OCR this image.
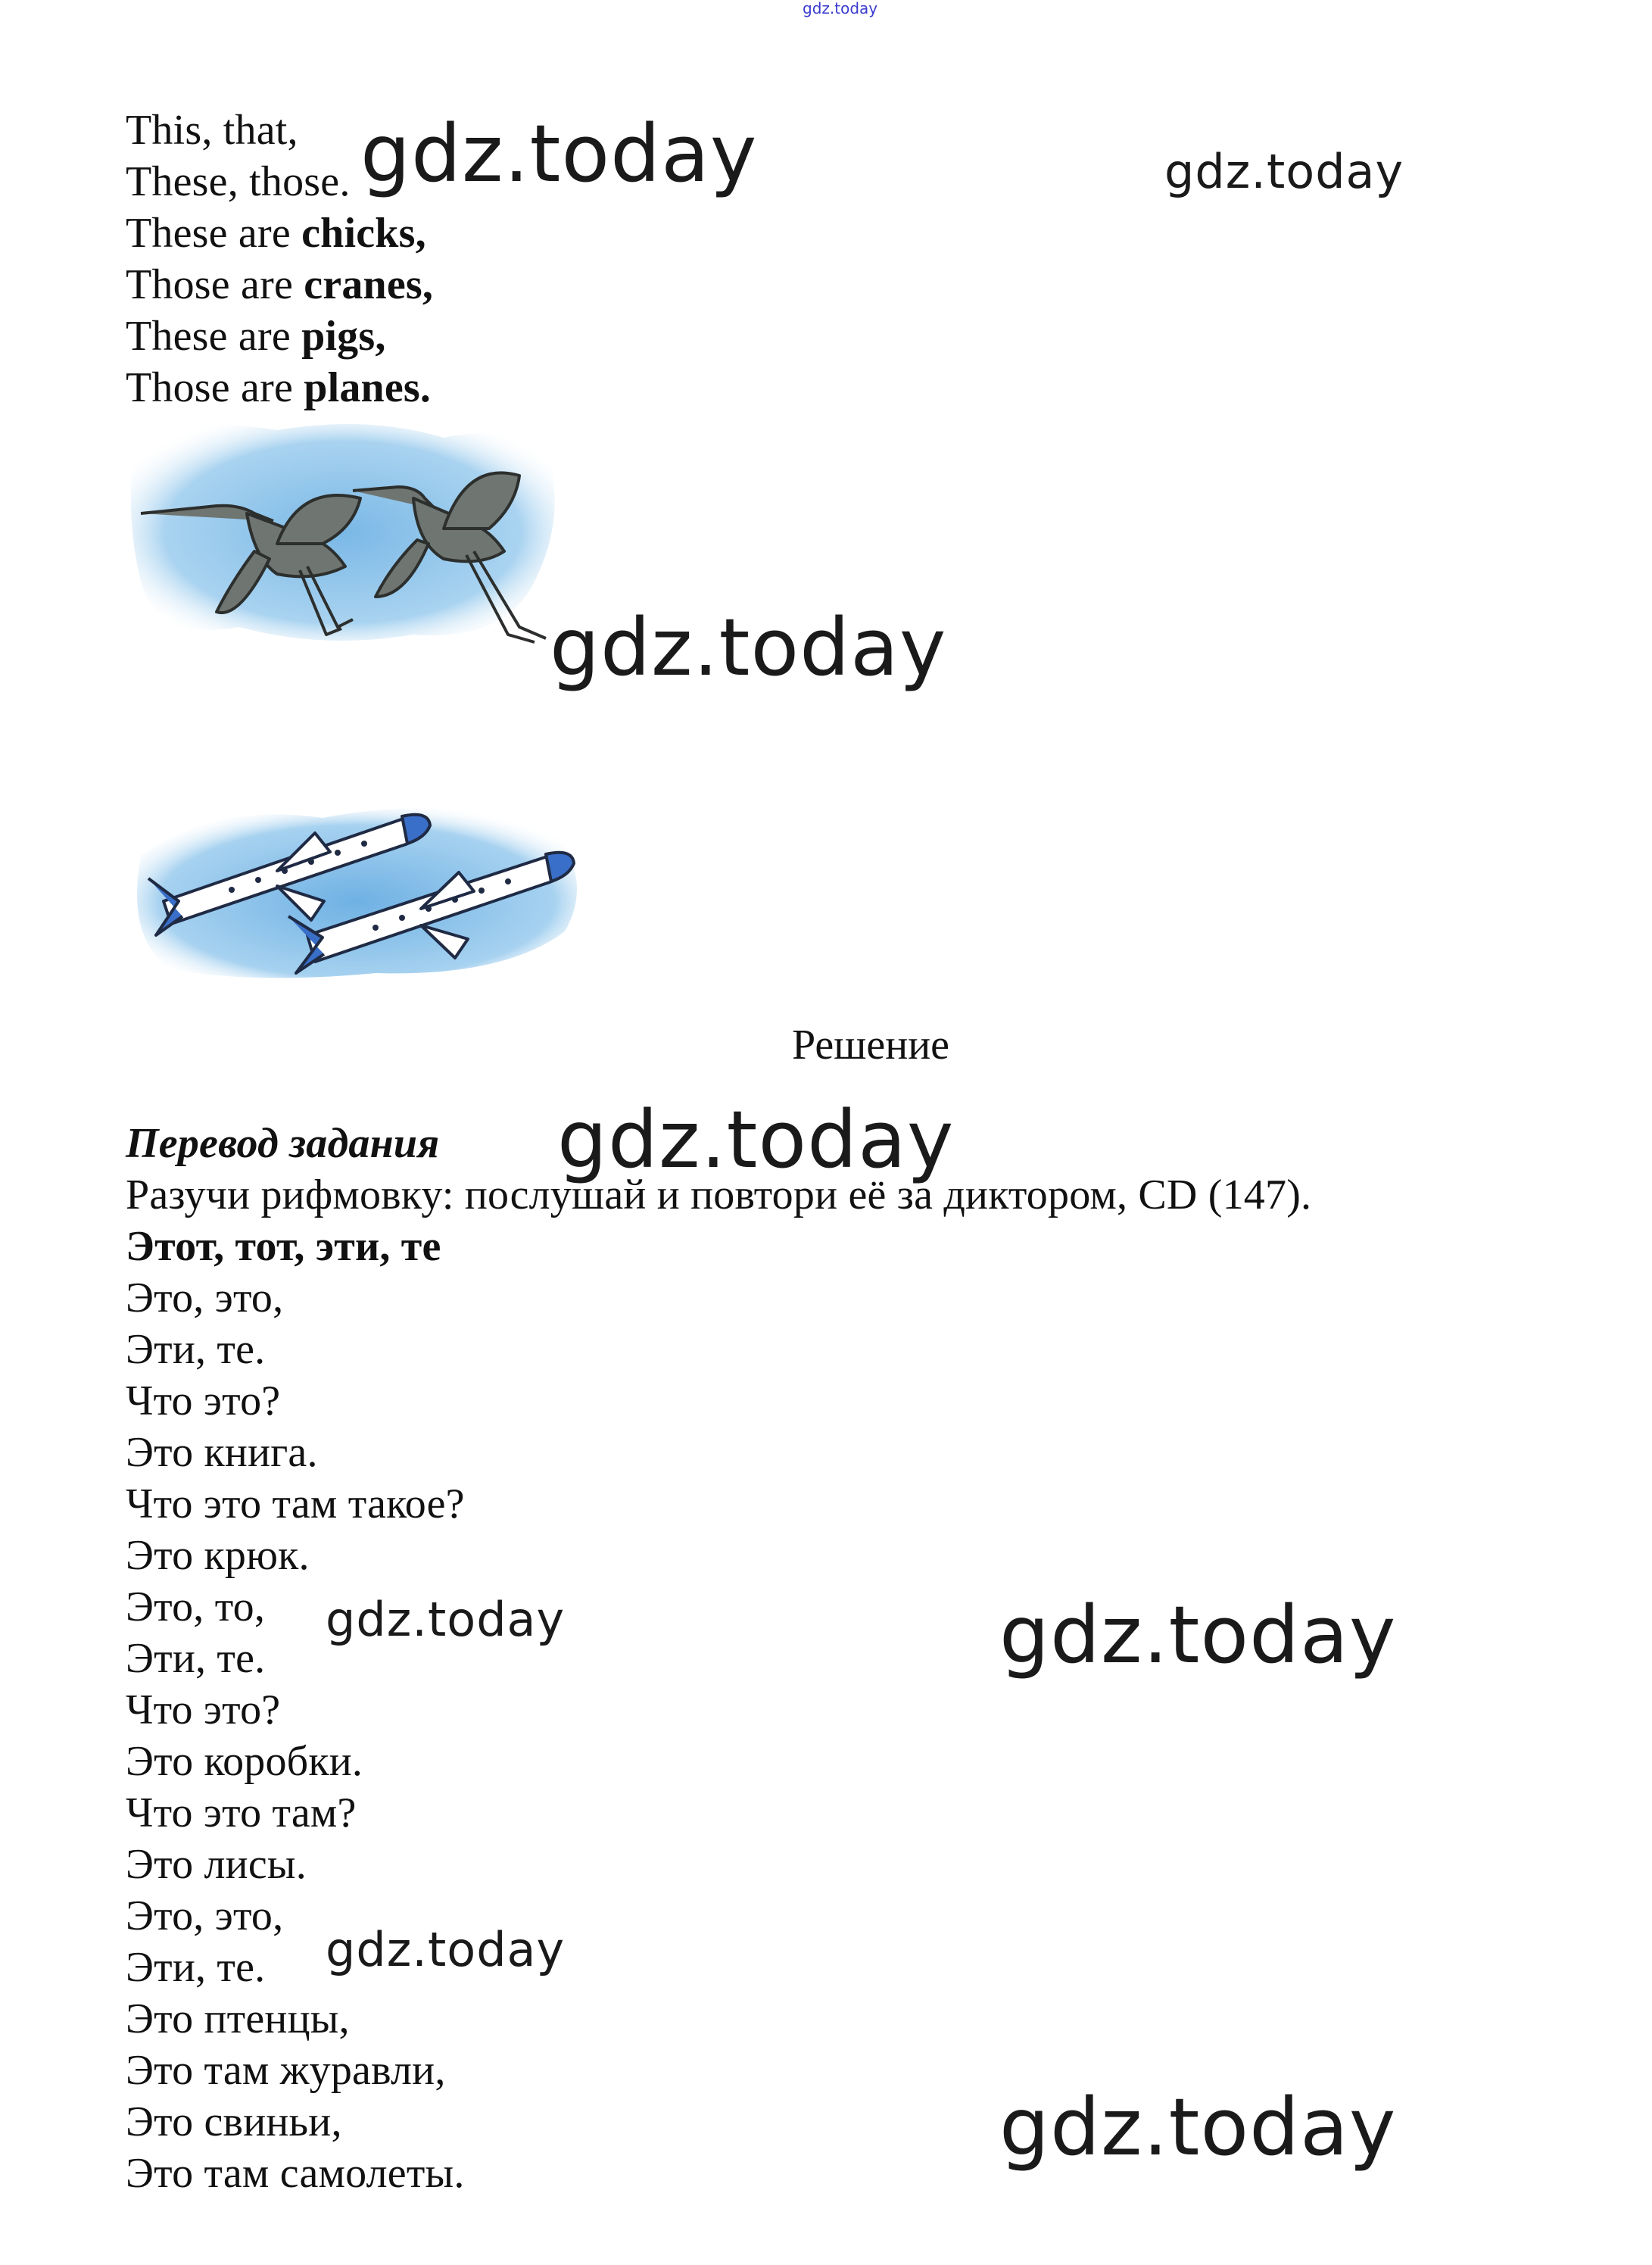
gdz.today
This, that,
These, those.
These are chicks,
Those are cranes,
These are pigs,
Those are planes.
gdz.today	gdz.today
gdz.today
Решение
Перевод задания gdz.today
Разучи рифмовку: послушай и повтори её за диктором, CD (147).
Этот, тот, эти, те
Это, это,
Эти, те.
Что это?
Это книга.
Что это там такое?
Это крюк.
Это, то,
Эти, те.
Что это?
Это коробки.
Что это там?
Это лисы.
Это, это,
Эти, те.
Это птенцы,
Это там журавли,
Это свиньи,
Это там самолеты.
gdz.today	gdz.today
gdz.today
gdz.today
